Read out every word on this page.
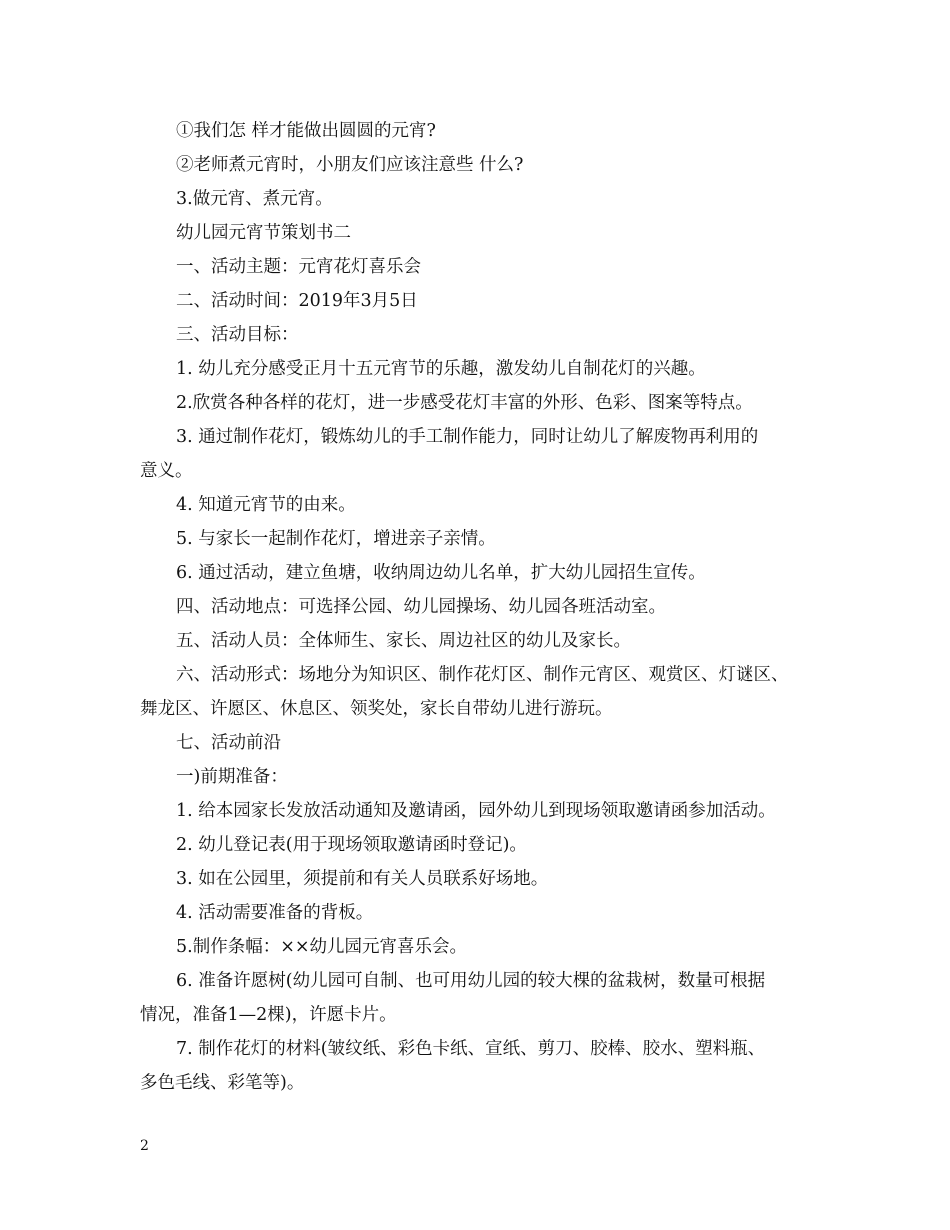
①我们怎 样才能做出圆圆的元宵?
②老师煮元宵时，小朋友们应该注意些 什么?
3.做元宵、煮元宵。
幼儿园元宵节策划书二
一、活动主题：元宵花灯喜乐会
二、活动时间：2019年3月5日
三、活动目标：
1. 幼儿充分感受正月十五元宵节的乐趣，激发幼儿自制花灯的兴趣。
2.欣赏各种各样的花灯，进一步感受花灯丰富的外形、色彩、图案等特点。
3. 通过制作花灯，锻炼幼儿的手工制作能力，同时让幼儿了解废物再利用的
意义。
4. 知道元宵节的由来。
5. 与家长一起制作花灯，增进亲子亲情。
6. 通过活动，建立鱼塘，收纳周边幼儿名单，扩大幼儿园招生宣传。
四、活动地点：可选择公园、幼儿园操场、幼儿园各班活动室。
五、活动人员：全体师生、家长、周边社区的幼儿及家长。
六、活动形式：场地分为知识区、制作花灯区、制作元宵区、观赏区、灯谜区、
舞龙区、许愿区、休息区、领奖处，家长自带幼儿进行游玩。
七、活动前沿
一)前期准备：
1. 给本园家长发放活动通知及邀请函，园外幼儿到现场领取邀请函参加活动。
2. 幼儿登记表(用于现场领取邀请函时登记)。
3. 如在公园里，须提前和有关人员联系好场地。
4. 活动需要准备的背板。
5.制作条幅：××幼儿园元宵喜乐会。
6. 准备许愿树(幼儿园可自制、也可用幼儿园的较大棵的盆栽树，数量可根据
情况，准备1—2棵)，许愿卡片。
7. 制作花灯的材料(皱纹纸、彩色卡纸、宣纸、剪刀、胶棒、胶水、塑料瓶、
多色毛线、彩笔等)。
2
